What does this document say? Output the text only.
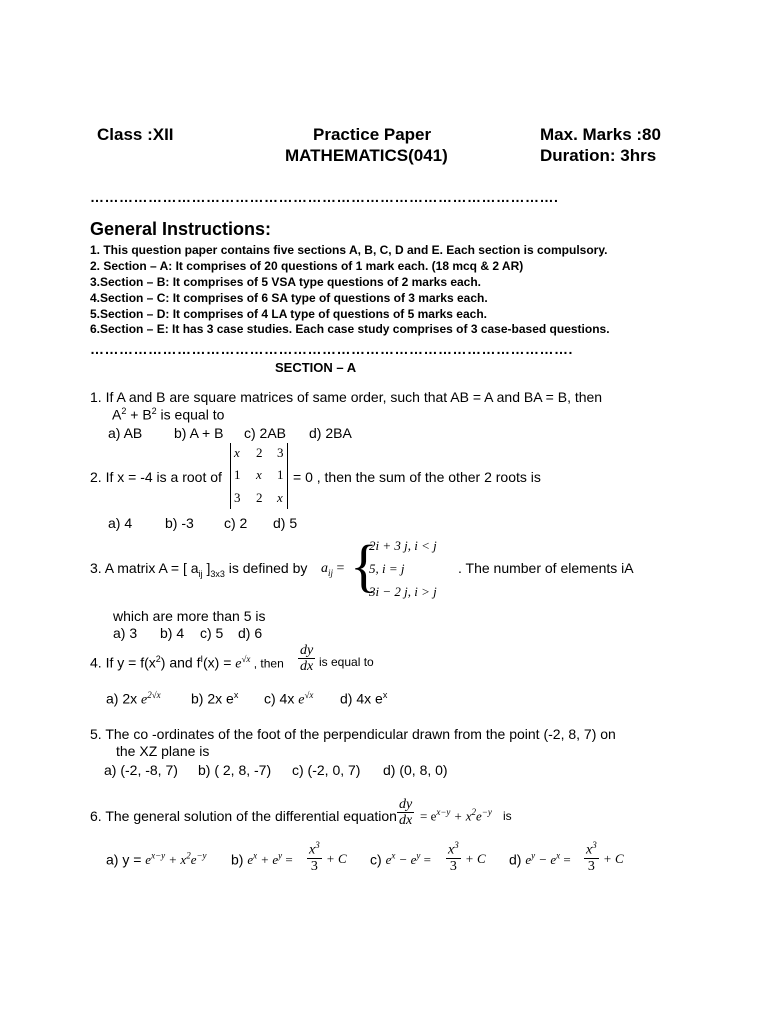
Class :XII	Practice Paper
MATHEMATICS(041)
Max. Marks :80
Duration: 3hrs
…………………………………………………………………………………….
General Instructions:
1. This question paper contains five sections A, B, C, D and E. Each section is compulsory.
2. Section – A: It comprises of 20 questions of 1 mark each. (18 mcq & 2 AR)
3.Section – B: It comprises of 5 VSA type questions of 2 marks each.
4.Section – C: It comprises of 6 SA type of questions of 3 marks each.
5.Section – D: It comprises of 4 LA type of questions of 5 marks each.
6.Section – E: It has 3 case studies. Each case study comprises of 3 case-based questions.
……………………………………………………………………………………….
SECTION – A
1. If A and B are square matrices of same order, such that AB = A and BA = B, then
$A^2 + B^2$ is equal to
a) AB b) A + B c) 2AB d) 2BA
2. If x = -4 is a root of
x 2 3
1 x 1
3 2 x
= 0 , then the sum of the other 2 roots is
a) 4 b) -3 c) 2 d) 5
3. A matrix A = [ $a_{ij}$ ]$_{3x3}$ is defined by $a_{ij}$ = {
2i + 3 j, i < j
5, i = j
3i − 2 j, i > j
. The number of elements iA
which are more than 5 is
a) 3 b) 4 c) 5 d) 6
4. If $y = f(x^2)$ and $f^I(x) = e^{√x}$ , then $\frac{dy}{dx}$ is equal to
a) 2x $e^{2√x}$ b) 2x $e^x$ c) 4x $e^{√x}$ d) 4x $e^x$
5. The co -ordinates of the foot of the perpendicular drawn from the point (-2, 8, 7) on
the XZ plane is
a) (-2, -8, 7) b) ( 2, 8, -7) c) (-2, 0, 7) d) (0, 8, 0)
6. The general solution of the differential equation $\frac{dy}{dx} = e^{x-y} + x^2e^{-y}$ is
a) $y = e^{x-y} + x^2e^{-y}$ b) $e^x + e^y = \frac{x^3}{3} + C$ c) $e^x - e^y = \frac{x^3}{3} + C$ d) $e^y - e^x = \frac{x^3}{3} + C$
